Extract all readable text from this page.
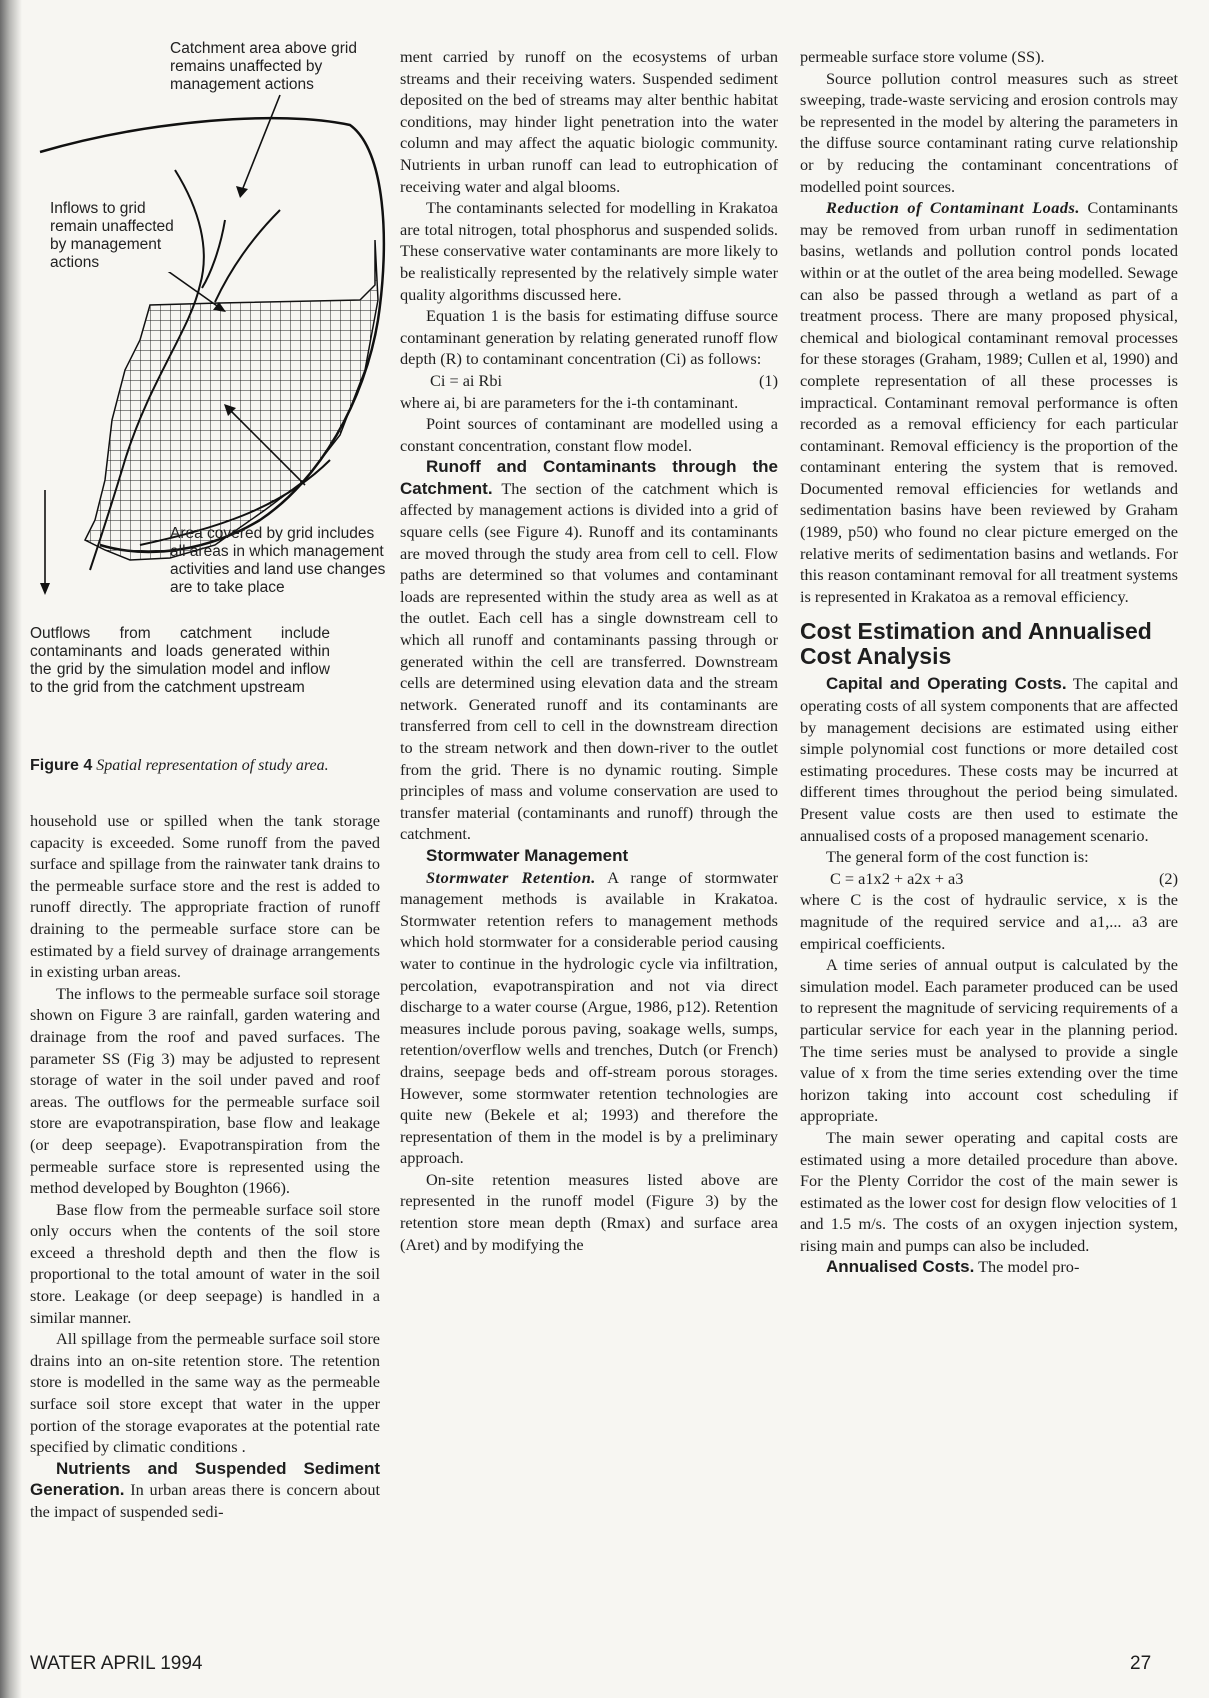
Catchment area above grid remains unaffected by management actions
Inflows to grid remain unaffected by management actions
Area covered by grid includes all areas in which management activities and land use changes are to take place
Outflows from catchment include contaminants and loads generated within the grid by the simulation model and inflow to the grid from the catchment upstream
Figure 4 Spatial representation of study area.

household use or spilled when the tank storage capacity is exceeded. Some runoff from the paved surface and spillage from the rainwater tank drains to the permeable surface store and the rest is added to runoff directly. The appropriate fraction of runoff draining to the permeable surface store can be estimated by a field survey of drainage arrangements in existing urban areas.

The inflows to the permeable surface soil storage shown on Figure 3 are rainfall, garden watering and drainage from the roof and paved surfaces. The parameter SS (Fig 3) may be adjusted to represent storage of water in the soil under paved and roof areas. The outflows for the permeable surface soil store are evapotranspiration, base flow and leakage (or deep seepage). Evapotranspiration from the permeable surface store is represented using the method developed by Boughton (1966).

Base flow from the permeable surface soil store only occurs when the contents of the soil store exceed a threshold depth and then the flow is proportional to the total amount of water in the soil store. Leakage (or deep seepage) is handled in a similar manner.

All spillage from the permeable surface soil store drains into an on-site retention store. The retention store is modelled in the same way as the permeable surface soil store except that water in the upper portion of the storage evaporates at the potential rate specified by climatic conditions .

Nutrients and Suspended Sediment Generation. In urban areas there is concern about the impact of suspended sedi-

ment carried by runoff on the ecosystems of urban streams and their receiving waters. Suspended sediment deposited on the bed of streams may alter benthic habitat conditions, may hinder light penetration into the water column and may affect the aquatic biologic community. Nutrients in urban runoff can lead to eutrophication of receiving water and algal blooms.

The contaminants selected for modelling in Krakatoa are total nitrogen, total phosphorus and suspended solids. These conservative water contaminants are more likely to be realistically represented by the relatively simple water quality algorithms discussed here.

Equation 1 is the basis for estimating diffuse source contaminant generation by relating generated runoff flow depth (R) to contaminant concentration (Ci) as follows:

Ci = ai Rbi	(1)

where ai, bi are parameters for the i-th contaminant.

Point sources of contaminant are modelled using a constant concentration, constant flow model.

Runoff and Contaminants through the Catchment. The section of the catchment which is affected by management actions is divided into a grid of square cells (see Figure 4). Runoff and its contaminants are moved through the study area from cell to cell. Flow paths are determined so that volumes and contaminant loads are represented within the study area as well as at the outlet. Each cell has a single downstream cell to which all runoff and contaminants passing through or generated within the cell are transferred. Downstream cells are determined using elevation data and the stream network. Generated runoff and its contaminants are transferred from cell to cell in the downstream direction to the stream network and then down-river to the outlet from the grid. There is no dynamic routing. Simple principles of mass and volume conservation are used to transfer material (contaminants and runoff) through the catchment.

Stormwater Management

Stormwater Retention. A range of stormwater management methods is available in Krakatoa. Stormwater retention refers to management methods which hold stormwater for a considerable period causing water to continue in the hydrologic cycle via infiltration, percolation, evapotranspiration and not via direct discharge to a water course (Argue, 1986, p12). Retention measures include porous paving, soakage wells, sumps, retention/overflow wells and trenches, Dutch (or French) drains, seepage beds and off-stream porous storages. However, some stormwater retention technologies are quite new (Bekele et al; 1993) and therefore the representation of them in the model is by a preliminary approach.

On-site retention measures listed above are represented in the runoff model (Figure 3) by the retention store mean depth (Rmax) and surface area (Aret) and by modifying the

permeable surface store volume (SS).

Source pollution control measures such as street sweeping, trade-waste servicing and erosion controls may be represented in the model by altering the parameters in the diffuse source contaminant rating curve relationship or by reducing the contaminant concentrations of modelled point sources.

Reduction of Contaminant Loads. Contaminants may be removed from urban runoff in sedimentation basins, wetlands and pollution control ponds located within or at the outlet of the area being modelled. Sewage can also be passed through a wetland as part of a treatment process. There are many proposed physical, chemical and biological contaminant removal processes for these storages (Graham, 1989; Cullen et al, 1990) and complete representation of all these processes is impractical. Contaminant removal performance is often recorded as a removal efficiency for each particular contaminant. Removal efficiency is the proportion of the contaminant entering the system that is removed. Documented removal efficiencies for wetlands and sedimentation basins have been reviewed by Graham (1989, p50) who found no clear picture emerged on the relative merits of sedimentation basins and wetlands. For this reason contaminant removal for all treatment systems is represented in Krakatoa as a removal efficiency.

Cost Estimation and Annualised Cost Analysis

Capital and Operating Costs. The capital and operating costs of all system components that are affected by management decisions are estimated using either simple polynomial cost functions or more detailed cost estimating procedures. These costs may be incurred at different times throughout the period being simulated. Present value costs are then used to estimate the annualised costs of a proposed management scenario.

The general form of the cost function is:

C = a1x2 + a2x + a3	(2)

where C is the cost of hydraulic service, x is the magnitude of the required service and a1,... a3 are empirical coefficients.

A time series of annual output is calculated by the simulation model. Each parameter produced can be used to represent the magnitude of servicing requirements of a particular service for each year in the planning period. The time series must be analysed to provide a single value of x from the time series extending over the time horizon taking into account cost scheduling if appropriate.

The main sewer operating and capital costs are estimated using a more detailed procedure than above. For the Plenty Corridor the cost of the main sewer is estimated as the lower cost for design flow velocities of 1 and 1.5 m/s. The costs of an oxygen injection system, rising main and pumps can also be included.

Annualised Costs. The model pro-

WATER APRIL 1994	27
